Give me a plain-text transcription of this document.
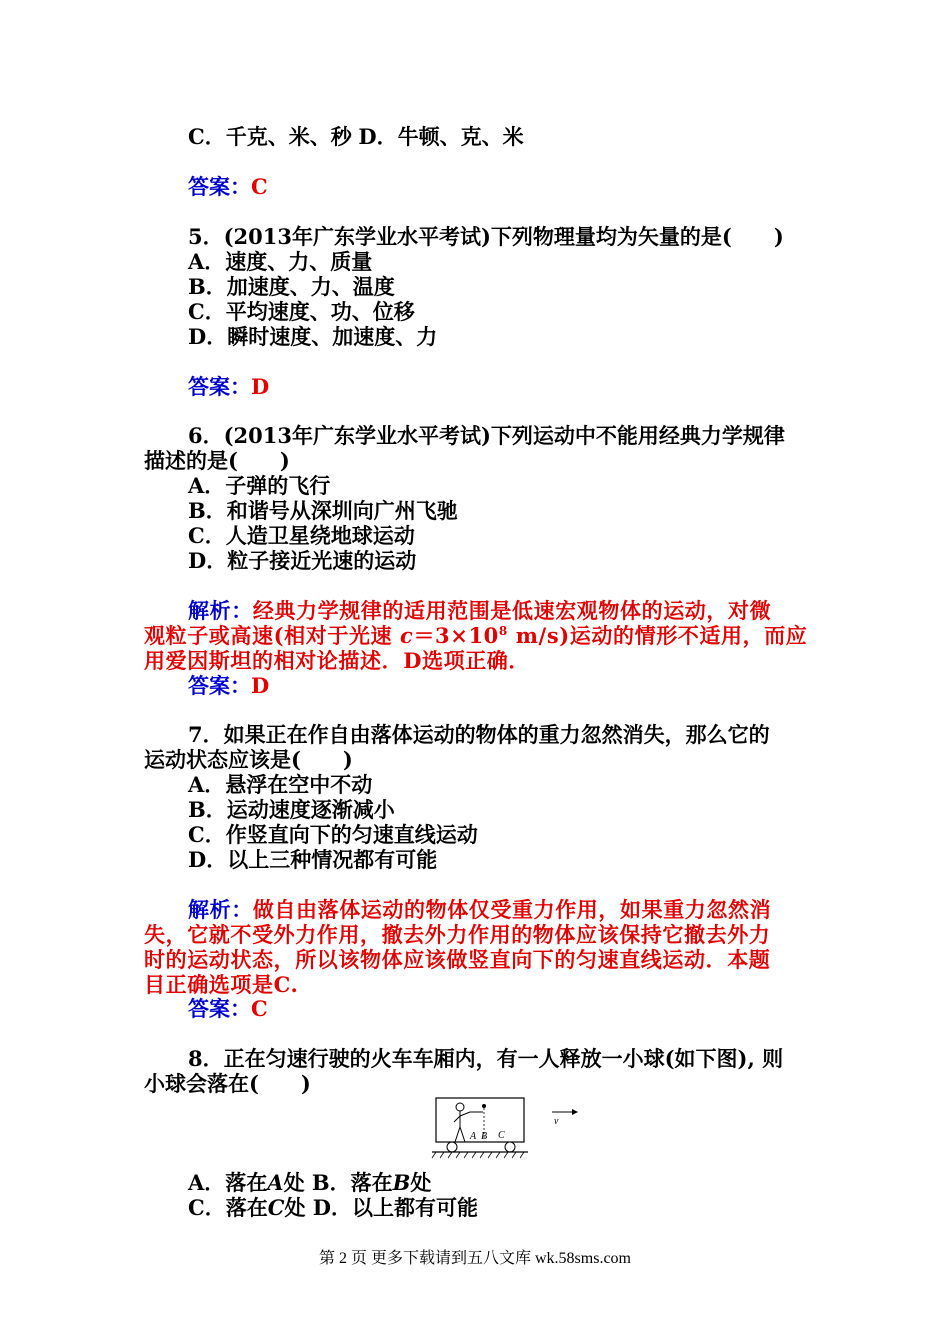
C．千克、米、秒 D．牛顿、克、米
答案：C
5．(2013年广东学业水平考试)下列物理量均为矢量的是(　　)
A．速度、力、质量
B．加速度、力、温度
C．平均速度、功、位移
D．瞬时速度、加速度、力
答案：D
6．(2013年广东学业水平考试)下列运动中不能用经典力学规律
描述的是(　　)
A．子弹的飞行
B．和谐号从深圳向广州飞驰
C．人造卫星绕地球运动
D．粒子接近光速的运动
解析：经典力学规律的适用范围是低速宏观物体的运动，对微
观粒子或高速(相对于光速 $c=3\times 10^8$ m/s)运动的情形不适用，而应
用爱因斯坦的相对论描述．D选项正确．
答案：D
7．如果正在作自由落体运动的物体的重力忽然消失，那么它的
运动状态应该是(　　)
A．悬浮在空中不动
B．运动速度逐渐减小
C．作竖直向下的匀速直线运动
D．以上三种情况都有可能
解析：做自由落体运动的物体仅受重力作用，如果重力忽然消
失，它就不受外力作用，撤去外力作用的物体应该保持它撤去外力
时的运动状态，所以该物体应该做竖直向下的匀速直线运动．本题
目正确选项是C.
答案：C
8．正在匀速行驶的火车车厢内，有一人释放一小球(如下图), 则
小球会落在(　　)
A B C
v
A．落在A处 B．落在B处
C．落在C处 D．以上都有可能
第 2 页 更多下载请到五八文库 wk.58sms.com
